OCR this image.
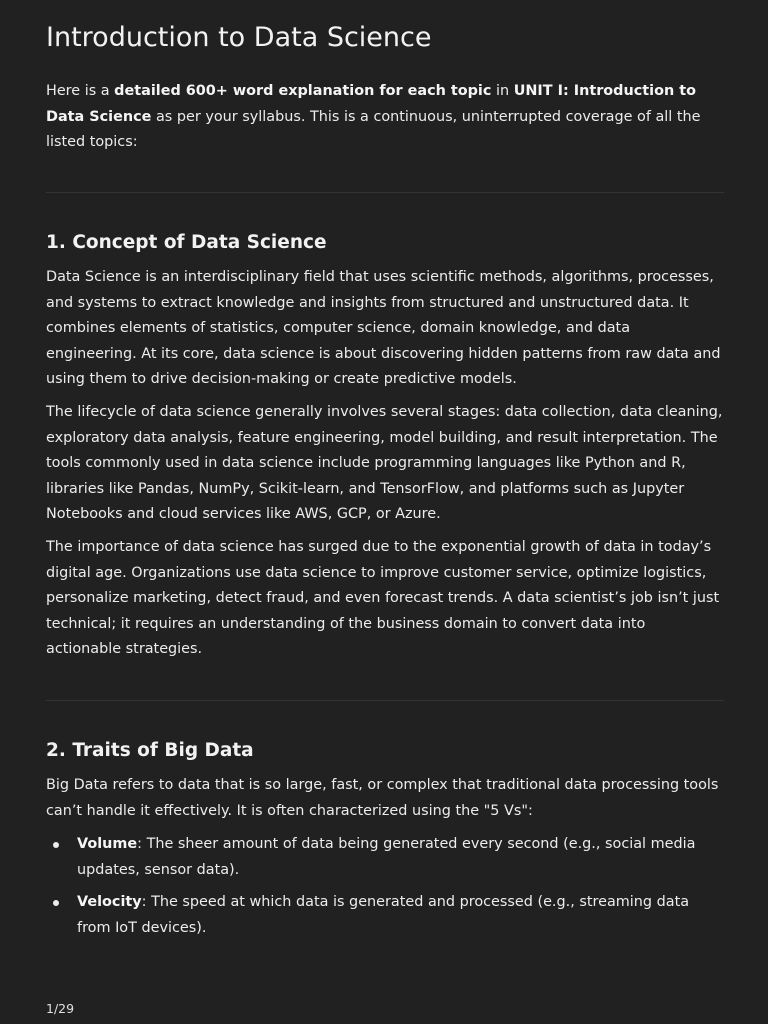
Introduction to Data Science

Here is a detailed 600+ word explanation for each topic in UNIT I: Introduction to Data Science as per your syllabus. This is a continuous, uninterrupted coverage of all the listed topics:

1. Concept of Data Science

Data Science is an interdisciplinary field that uses scientific methods, algorithms, processes, and systems to extract knowledge and insights from structured and unstructured data. It combines elements of statistics, computer science, domain knowledge, and data engineering. At its core, data science is about discovering hidden patterns from raw data and using them to drive decision-making or create predictive models.

The lifecycle of data science generally involves several stages: data collection, data cleaning, exploratory data analysis, feature engineering, model building, and result interpretation. The tools commonly used in data science include programming languages like Python and R, libraries like Pandas, NumPy, Scikit-learn, and TensorFlow, and platforms such as Jupyter Notebooks and cloud services like AWS, GCP, or Azure.

The importance of data science has surged due to the exponential growth of data in today’s digital age. Organizations use data science to improve customer service, optimize logistics, personalize marketing, detect fraud, and even forecast trends. A data scientist’s job isn’t just technical; it requires an understanding of the business domain to convert data into actionable strategies.

2. Traits of Big Data

Big Data refers to data that is so large, fast, or complex that traditional data processing tools can’t handle it effectively. It is often characterized using the "5 Vs":

Volume: The sheer amount of data being generated every second (e.g., social media updates, sensor data).
Velocity: The speed at which data is generated and processed (e.g., streaming data from IoT devices).
1/29
